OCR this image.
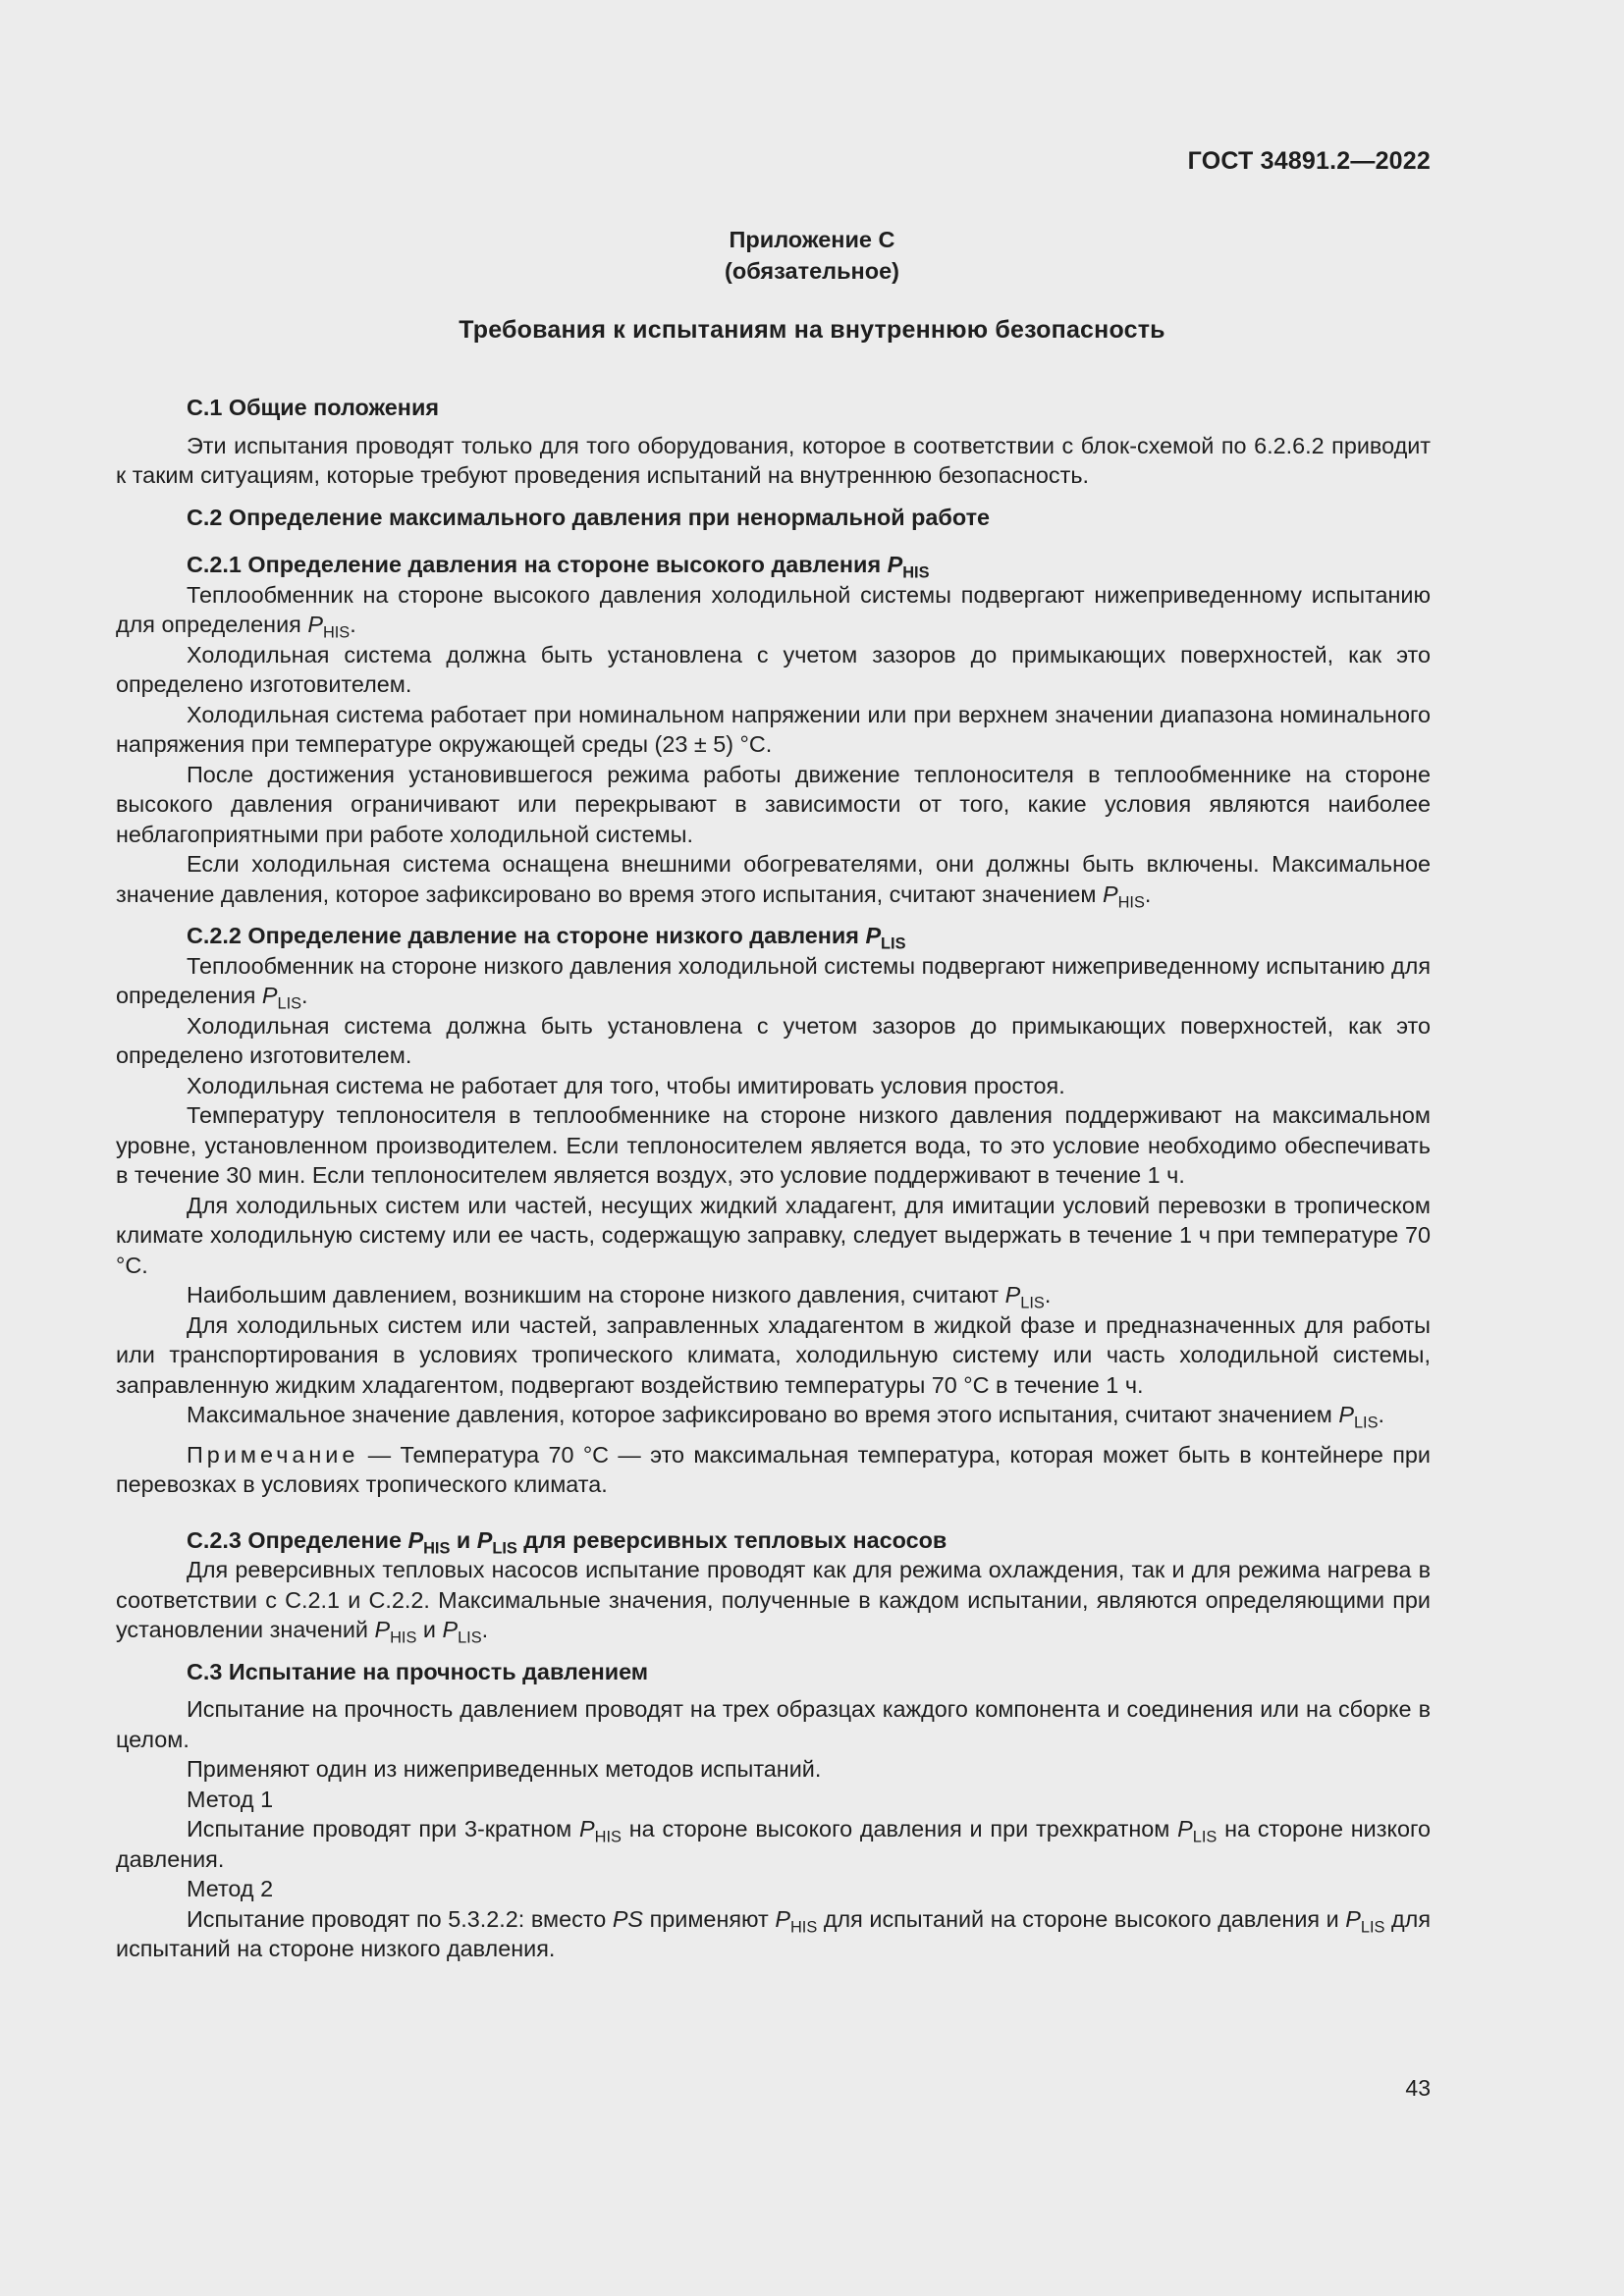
ГОСТ 34891.2—2022
Приложение С
(обязательное)
Требования к испытаниям на внутреннюю безопасность
С.1 Общие положения

Эти испытания проводят только для того оборудования, которое в соответствии с блок-схемой по 6.2.6.2 приводит к таким ситуациям, которые требуют проведения испытаний на внутреннюю безопасность.

С.2 Определение максимального давления при ненормальной работе
С.2.1 Определение давления на стороне высокого давления $P_{HIS}$

Теплообменник на стороне высокого давления холодильной системы подвергают нижеприведенному испытанию для определения $P_{HIS}$.

Холодильная система должна быть установлена с учетом зазоров до примыкающих поверхностей, как это определено изготовителем.

Холодильная система работает при номинальном напряжении или при верхнем значении диапазона номинального напряжения при температуре окружающей среды (23 ± 5) °С.

После достижения установившегося режима работы движение теплоносителя в теплообменнике на стороне высокого давления ограничивают или перекрывают в зависимости от того, какие условия являются наиболее неблагоприятными при работе холодильной системы.

Если холодильная система оснащена внешними обогревателями, они должны быть включены. Максимальное значение давления, которое зафиксировано во время этого испытания, считают значением $P_{HIS}$.

С.2.2 Определение давление на стороне низкого давления $P_{LIS}$

Теплообменник на стороне низкого давления холодильной системы подвергают нижеприведенному испытанию для определения $P_{LIS}$.

Холодильная система должна быть установлена с учетом зазоров до примыкающих поверхностей, как это определено изготовителем.

Холодильная система не работает для того, чтобы имитировать условия простоя.

Температуру теплоносителя в теплообменнике на стороне низкого давления поддерживают на максимальном уровне, установленном производителем. Если теплоносителем является вода, то это условие необходимо обеспечивать в течение 30 мин. Если теплоносителем является воздух, это условие поддерживают в течение 1 ч.

Для холодильных систем или частей, несущих жидкий хладагент, для имитации условий перевозки в тропическом климате холодильную систему или ее часть, содержащую заправку, следует выдержать в течение 1 ч при температуре 70 °С.

Наибольшим давлением, возникшим на стороне низкого давления, считают $P_{LIS}$.

Для холодильных систем или частей, заправленных хладагентом в жидкой фазе и предназначенных для работы или транспортирования в условиях тропического климата, холодильную систему или часть холодильной системы, заправленную жидким хладагентом, подвергают воздействию температуры 70 °С в течение 1 ч.

Максимальное значение давления, которое зафиксировано во время этого испытания, считают значением $P_{LIS}$.

Примечание — Температура 70 °С — это максимальная температура, которая может быть в контейнере при перевозках в условиях тропического климата.

С.2.3 Определение $P_{HIS}$ и $P_{LIS}$ для реверсивных тепловых насосов

Для реверсивных тепловых насосов испытание проводят как для режима охлаждения, так и для режима нагрева в соответствии с С.2.1 и С.2.2. Максимальные значения, полученные в каждом испытании, являются определяющими при установлении значений $P_{HIS}$ и $P_{LIS}$.

С.3 Испытание на прочность давлением

Испытание на прочность давлением проводят на трех образцах каждого компонента и соединения или на сборке в целом.

Применяют один из нижеприведенных методов испытаний.

Метод 1

Испытание проводят при 3-кратном $P_{HIS}$ на стороне высокого давления и при трехкратном $P_{LIS}$ на стороне низкого давления.

Метод 2

Испытание проводят по 5.3.2.2: вместо PS применяют $P_{HIS}$ для испытаний на стороне высокого давления и $P_{LIS}$ для испытаний на стороне низкого давления.

43
